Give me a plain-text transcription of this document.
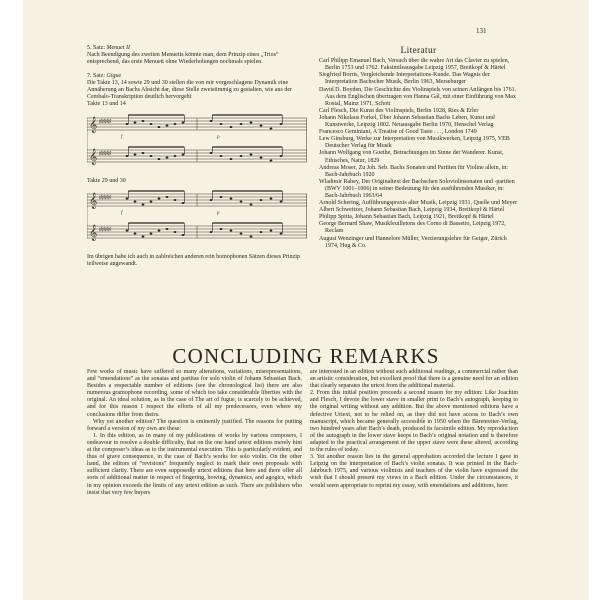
131

5. Satz: Menuet II

Nach Beendigung des zweiten Menuetts könnte man, dem Prinzip eines „Trios“ entsprechend, das erste Menuett ohne Wiederholungen nochmals spielen.

7. Satz: Gigue

Die Takte 13, 14 sowie 29 und 30 stellen die von mir vorgeschlagene Dynamik eine Annäherung an Bachs Absicht dar, diese Stelle zweistimmig zu gestalten, wie aus der Cembalo-Transkription deutlich hervorgeht

Takte 13 und 14

𝄞
𝄞
♯♯♯♯
♯♯♯♯
f	p

Takte 29 und 30

𝄞
𝄞
♯♯♯♯
♯♯♯♯
f	p

Im übrigen habe ich auch in zahlreichen anderen rein homophonen Sätzen dieses Prinzip teilweise angewandt.

Literatur

Carl Philipp Emanuel Bach, Versuch über die wahre Art das Clavier zu spielen, Berlin 1753 und 1762. Faksimileausgabe Leipzig 1957, Breitkopf & Härtel

Siegfried Borris, Vergleichende Interpretations-Kunde. Das Wagnis der Interpretation Bachscher Musik, Berlin 1963, Merseburger

David D. Boyden, Die Geschichte des Violinspiels von seinen Anfängen bis 1761. Aus dem Englischen übertragen von Hanna Gál, mit einer Einführung von Max Rostal, Mainz 1971, Schott

Carl Flesch, Die Kunst des Violinspiels, Berlin 1928, Ries & Erler

Johann Nikolaus Forkel, Über Johann Sebastian Bachs Leben, Kunst und Kunstwerke, Leipzig 1802. Neuausgabe Berlin 1970, Henschel Verlag

Francesco Geminiani, A Treatise of Good Taste . . ., London 1749

Lew Ginsburg, Werke zur Interpretation von Musikwerken, Leipzig 1975, VEB Deutscher Verlag für Musik

Johann Wolfgang von Goethe, Betrachtungen im Sinne der Wanderer. Kunst, Ethisches, Natur, 1829

Andreas Moser, Zu Joh. Seb. Bachs Sonaten und Partiten für Violine allein, in: Bach-Jahrbuch 1920

Wladimir Rabey, Der Originaltext der Bachschen Soloviolinsonaten und -partiten (BWV 1001–1006) in seiner Bedeutung für den ausführenden Musiker, in: Bach-Jahrbuch 1963/64

Arnold Schering, Aufführungspraxis alter Musik, Leipzig 1931, Quelle und Meyer

Albert Schweitzer, Johann Sebastian Bach, Leipzig 1934, Breitkopf & Härtel

Philipp Spitta, Johann Sebastian Bach, Leipzig 1921, Breitkopf & Härtel

George Bernard Shaw, Musikfeuilletons des Corno di Bassetto, Leipzig 1972, Reclam

August Wenzinger und Hannelore Müller, Verzierungslehre für Geiger, Zürich 1974, Hug & Co.

CONCLUDING REMARKS

Few works of music have suffered so many alterations, variations, misrepresentations, and “emendations” as the sonatas and partitas for solo violin of Johann Sebastian Bach. Besides a respectable number of editions (see the chronological list) there are also numerous gramophone recording, some of which too take considerable liberties with the original. An ideal solution, as in the case of The art of fugue, is scarcely to be achieved, and for this reason I respect the efforts of all my predecessors, even where my conclusions differ from theirs.

Why yet another edition? The question is eminently justified. The reasons for putting forward a version of my own are these:

1. In this edition, as in many of my publications of works by various composers, I endeavour to resolve a double difficulty, that on the one hand urtext editions merely hint at the composer’s ideas as to the instrumental execution. This is particularly evident, and thus of grave consequence, in the case of Bach’s works for solo violin. On the other hand, the editors of “revisions” frequently neglect to mark their own proposals with sufficient clarity. There are even supposedly urtext editions that here and there offer all sorts of additional matter in respect of fingering, bowing, dynamics, and agogics, which in my opinion exceeds the limits of any urtext edition as such. There are publishers who insist that very few buyers

are interested in an edition without such additional readings, a commercial rather than an artistic consideration, but excellent proof that there is a genuine need for an edition that clearly separates the urtext from the additional material.

2. From this initial position proceeds a second reason for my edition: Like Joachim and Flesch, I devote the lower stave in smaller print to Bach’s autograph, keeping to the original writing without any addition. But the above mentioned editions have a defective Urtext, not to be relied on, as they did not have access to Bach’s own manuscript, which became generally accessible in 1950 when the Bärenreiter-Verlag, two hundred years after Bach’s death, produced its facsimile edition. My reproduction of the autograph in the lower stave keeps to Bach’s original notation and is therefore adapted to the practical arrangement of the upper stave were these altered, according to the rules of today.

3. Yet another reason lies in the general approbation accorded the lecture I gave in Leipzig on the interpretation of Bach’s violin sonatas. It was printed in the Bach-Jahrbuch 1975, and various violinists and teachers of the violin have expressed the wish that I should present my views in a Bach edition. Under the circumstances, it would seem appropriate to reprint my essay, with emendations and additions, here:
